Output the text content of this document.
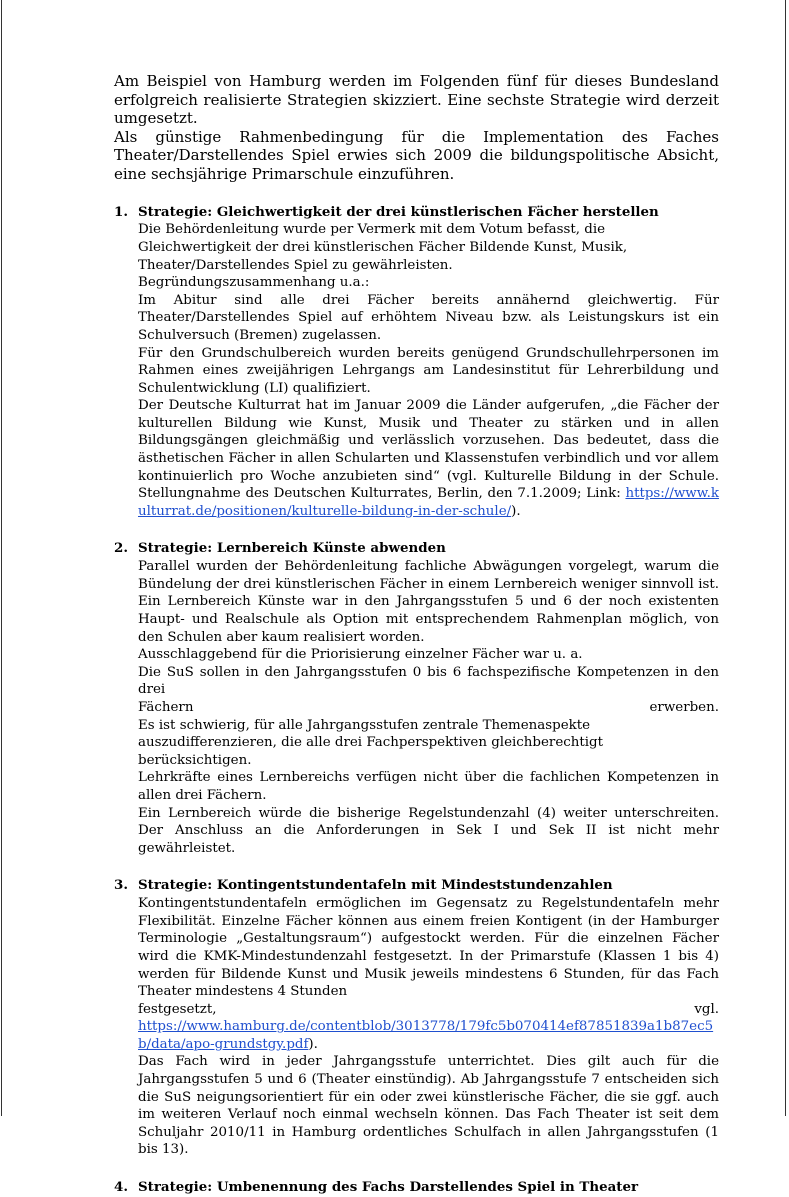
Am Beispiel von Hamburg werden im Folgenden fünf für dieses Bundesland erfolgreich realisierte Strategien skizziert. Eine sechste Strategie wird derzeit umgesetzt.

Als günstige Rahmenbedingung für die Implementation des Faches Theater/Darstellendes Spiel erwies sich 2009 die bildungspolitische Absicht, eine sechsjährige Primarschule einzuführen.

1. Strategie: Gleichwertigkeit der drei künstlerischen Fächer herstellen

Die Behördenleitung wurde per Vermerk mit dem Votum befasst, die Gleichwertigkeit der drei künstlerischen Fächer Bildende Kunst, Musik, Theater/Darstellendes Spiel zu gewährleisten.

Begründungszusammenhang u.a.:

Im Abitur sind alle drei Fächer bereits annähernd gleichwertig. Für Theater/Darstellendes Spiel auf erhöhtem Niveau bzw. als Leistungskurs ist ein Schulversuch (Bremen) zugelassen.

Für den Grundschulbereich wurden bereits genügend Grundschullehrpersonen im Rahmen eines zweijährigen Lehrgangs am Landesinstitut für Lehrerbildung und Schulentwicklung (LI) qualifiziert.

Der Deutsche Kulturrat hat im Januar 2009 die Länder aufgerufen, „die Fächer der kulturellen Bildung wie Kunst, Musik und Theater zu stärken und in allen Bildungsgängen gleichmäßig und verlässlich vorzusehen. Das bedeutet, dass die ästhetischen Fächer in allen Schularten und Klassenstufen verbindlich und vor allem kontinuierlich pro Woche anzubieten sind“ (vgl. Kulturelle Bildung in der Schule. Stellungnahme des Deutschen Kulturrates, Berlin, den 7.1.2009; Link: https://www.kulturrat.de/positionen/kulturelle-bildung-in-der-schule/).

2. Strategie: Lernbereich Künste abwenden

Parallel wurden der Behördenleitung fachliche Abwägungen vorgelegt, warum die Bündelung der drei künstlerischen Fächer in einem Lernbereich weniger sinnvoll ist. Ein Lernbereich Künste war in den Jahrgangsstufen 5 und 6 der noch existenten Haupt- und Realschule als Option mit entsprechendem Rahmenplan möglich, von den Schulen aber kaum realisiert worden.

Ausschlaggebend für die Priorisierung einzelner Fächer war u. a.

Die SuS sollen in den Jahrgangsstufen 0 bis 6 fachspezifische Kompetenzen in den drei

Fächern	erwerben.

Es ist schwierig, für alle Jahrgangsstufen zentrale Themenaspekte auszudifferenzieren, die alle drei Fachperspektiven gleichberechtigt berücksichtigen.

Lehrkräfte eines Lernbereichs verfügen nicht über die fachlichen Kompetenzen in allen drei Fächern.

Ein Lernbereich würde die bisherige Regelstundenzahl (4) weiter unterschreiten. Der Anschluss an die Anforderungen in Sek I und Sek II ist nicht mehr gewährleistet.

3. Strategie: Kontingentstundentafeln mit Mindeststundenzahlen

Kontingentstundentafeln ermöglichen im Gegensatz zu Regelstundentafeln mehr Flexibilität. Einzelne Fächer können aus einem freien Kontigent (in der Hamburger Terminologie „Gestaltungsraum“) aufgestockt werden. Für die einzelnen Fächer wird die KMK-Mindestundenzahl festgesetzt. In der Primarstufe (Klassen 1 bis 4) werden für Bildende Kunst und Musik jeweils mindestens 6 Stunden, für das Fach Theater mindestens 4 Stunden

festgesetzt,	vgl.

https://www.hamburg.de/contentblob/3013778/179fc5b070414ef87851839a1b87ec5b/data/apo-grundstgy.pdf).

Das Fach wird in jeder Jahrgangsstufe unterrichtet. Dies gilt auch für die Jahrgangsstufen 5 und 6 (Theater einstündig). Ab Jahrgangsstufe 7 entscheiden sich die SuS neigungsorientiert für ein oder zwei künstlerische Fächer, die sie ggf. auch im weiteren Verlauf noch einmal wechseln können. Das Fach Theater ist seit dem Schuljahr 2010/11 in Hamburg ordentliches Schulfach in allen Jahrgangsstufen (1 bis 13).

4. Strategie: Umbenennung des Fachs Darstellendes Spiel in Theater
